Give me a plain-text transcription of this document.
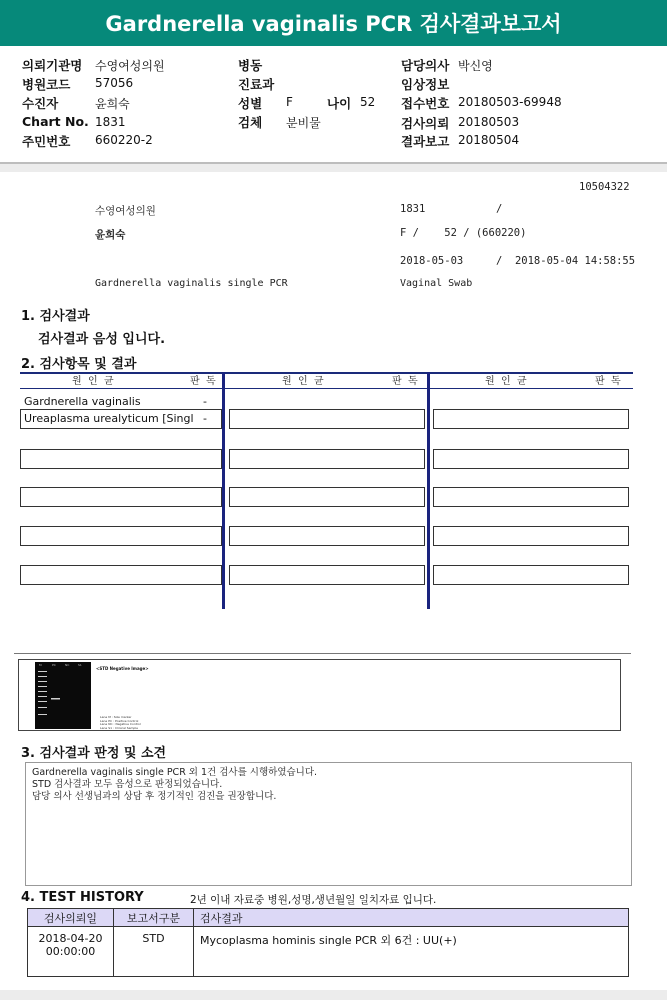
Gardnerella vaginalis PCR 검사결과보고서
의뢰기관명 수영여성의원
병원코드 57056
수진자	윤희숙
Chart No. 1831
주민번호 660220-2
병동
진료과
성별 F	나이 52
검체 분비물
담당의사 박신영
임상정보
접수번호 20180503-69948
검사의뢰 20180503
결과보고 20180504
10504322
수영여성의원	1831	/
윤희숙	F /    52 / (660220)
2018-05-03	/  2018-05-04 14:58:55
Gardnerella vaginalis single PCR	Vaginal Swab
1. 검사결과
검사결과 음성 입니다.
2. 검사항목 및 결과
원  인  균	판  독	원  인  균	판  독	원  인  균	판  독
Gardnerella vaginalis	-
Ureaplasma urealyticum [Singl -
M	PC	NC	S1
<STD Negative Image>
Lane M : Size marker
Lane PC : Positive Control
Lane NC : Negative Control
Lane S1 : Clinical Sample
3. 검사결과 판정 및 소견
Gardnerella vaginalis single PCR 외 1건 검사를 시행하였습니다.
STD 검사결과 모두 음성으로 판정되었습니다.
담당 의사 선생님과의 상담 후 정기적인 검진을 권장합니다.
4. TEST HISTORY	2년 이내 자료중 병원,성명,생년월일 일치자료 입니다.
검사의뢰일	보고서구분	검사결과

2018-04-20
00:00:00	STD	Mycoplasma hominis single PCR 외 6건 : UU(+)
